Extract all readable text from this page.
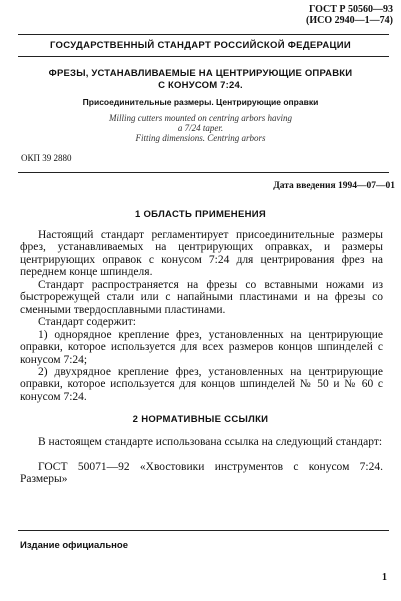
ГОСТ Р 50560—93
(ИСО 2940—1—74)
ГОСУДАРСТВЕННЫЙ СТАНДАРТ РОССИЙСКОЙ ФЕДЕРАЦИИ
ФРЕЗЫ, УСТАНАВЛИВАЕМЫЕ НА ЦЕНТРИРУЮЩИЕ ОПРАВКИ
С КОНУСОМ 7:24.
Присоединительные размеры. Центрирующие оправки
Milling cutters mounted on centring arbors having
a 7/24 taper.
Fitting dimensions. Centring arbors
ОКП 39 2880
Дата введения 1994—07—01
1 ОБЛАСТЬ ПРИМЕНЕНИЯ
Настоящий стандарт регламентирует присоединительные размеры фрез, устанавливаемых на центрирующих оправках, и размеры центрирующих оправок с конусом 7:24 для центрирования фрез на переднем конце шпинделя.
Стандарт распространяется на фрезы со вставными ножами из быстрорежущей стали или с напайными пластинами и на фрезы со сменными твердосплавными пластинами.
Стандарт содержит:
1) однорядное крепление фрез, установленных на центрирующие оправки, которое используется для всех размеров концов шпинделей с конусом 7:24;
2) двухрядное крепление фрез, установленных на центрирующие оправки, которое используется для концов шпинделей № 50 и № 60 с конусом 7:24.
2 НОРМАТИВНЫЕ ССЫЛКИ
В настоящем стандарте использована ссылка на следующий стандарт:
ГОСТ 50071—92 «Хвостовики инструментов с конусом 7:24. Размеры»
Издание официальное
1
